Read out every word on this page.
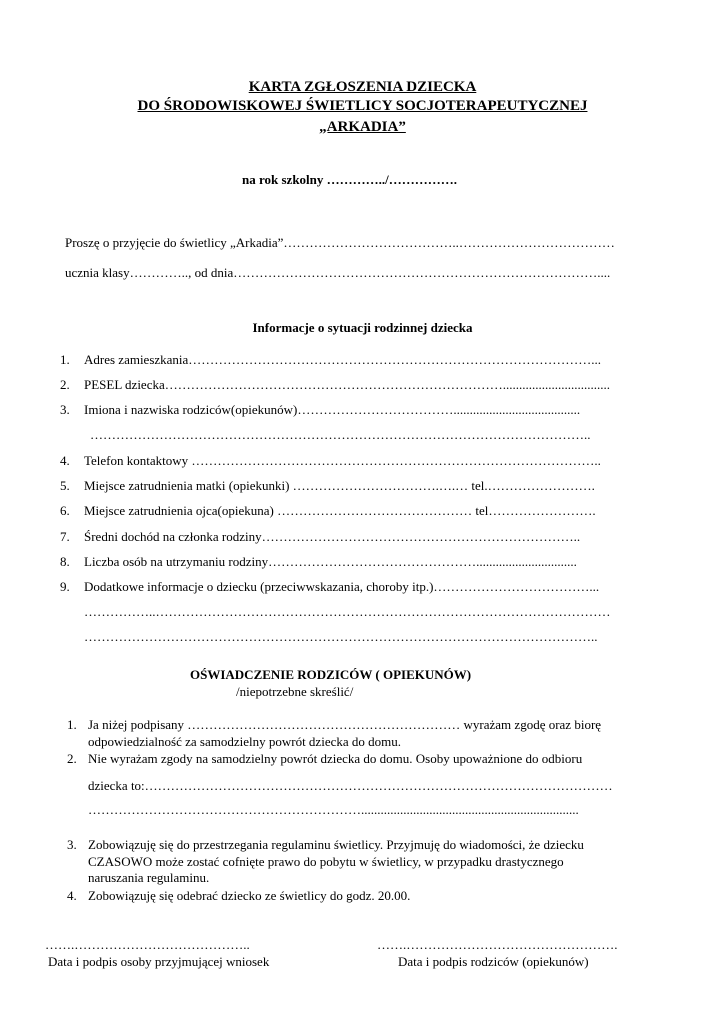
KARTA ZGŁOSZENIA DZIECKA
DO ŚRODOWISKOWEJ ŚWIETLICY SOCJOTERAPEUTYCZNEJ
„ARKADIA”
na rok szkolny …………../…………….
Proszę o przyjęcie do świetlicy „Arkadia”…………………………………..………………………………
ucznia klasy………….., od dnia…………………………………………………………………………....
Informacje o sytuacji rodzinnej dziecka
1. Adres zamieszkania…………………………………………………………………………………...
2. PESEL dziecka…………………………………………………………………….................................
3. Imiona i nazwiska rodziców(opiekunów)……………………………….......................................
……………………………………………………………………………………………………..
4. Telefon kontaktowy …………………………………………………………………………………..
5. Miejsce zatrudnienia matki (opiekunki) …………………………….….… tel.…………………….
6. Miejsce zatrudnienia ojca(opiekuna) ……………………………………… tel…………………….
7. Średni dochód na członka rodziny………………………………………………………………..
8. Liczba osób na utrzymaniu rodziny…………………………………………...............................
9. Dodatkowe informacje o dziecku (przeciwwskazania, choroby itp.)………………………………...
……………..……………………………………………………………………………………………
………………………………………………………………………………………………………..
OŚWIADCZENIE RODZICÓW ( OPIEKUNÓW)
/niepotrzebne skreślić/
1. Ja niżej podpisany ……………………………………………………… wyrażam zgodę oraz biorę
odpowiedzialność za samodzielny powrót dziecka do domu.
2. Nie wyrażam zgody na samodzielny powrót dziecka do domu. Osoby upoważnione do odbioru
dziecka to:………………………………………………………………………………………………
………………………………………………………...................................................................
3. Zobowiązuję się do przestrzegania regulaminu świetlicy. Przyjmuję do wiadomości, że dziecku
CZASOWO może zostać cofnięte prawo do pobytu w świetlicy, w przypadku drastycznego
naruszania regulaminu.
4. Zobowiązuję się odebrać dziecko ze świetlicy do godz. 20.00.
…….…………………………………..
Data i podpis osoby przyjmującej wniosek
…….………………………………………….
Data i podpis rodziców (opiekunów)
